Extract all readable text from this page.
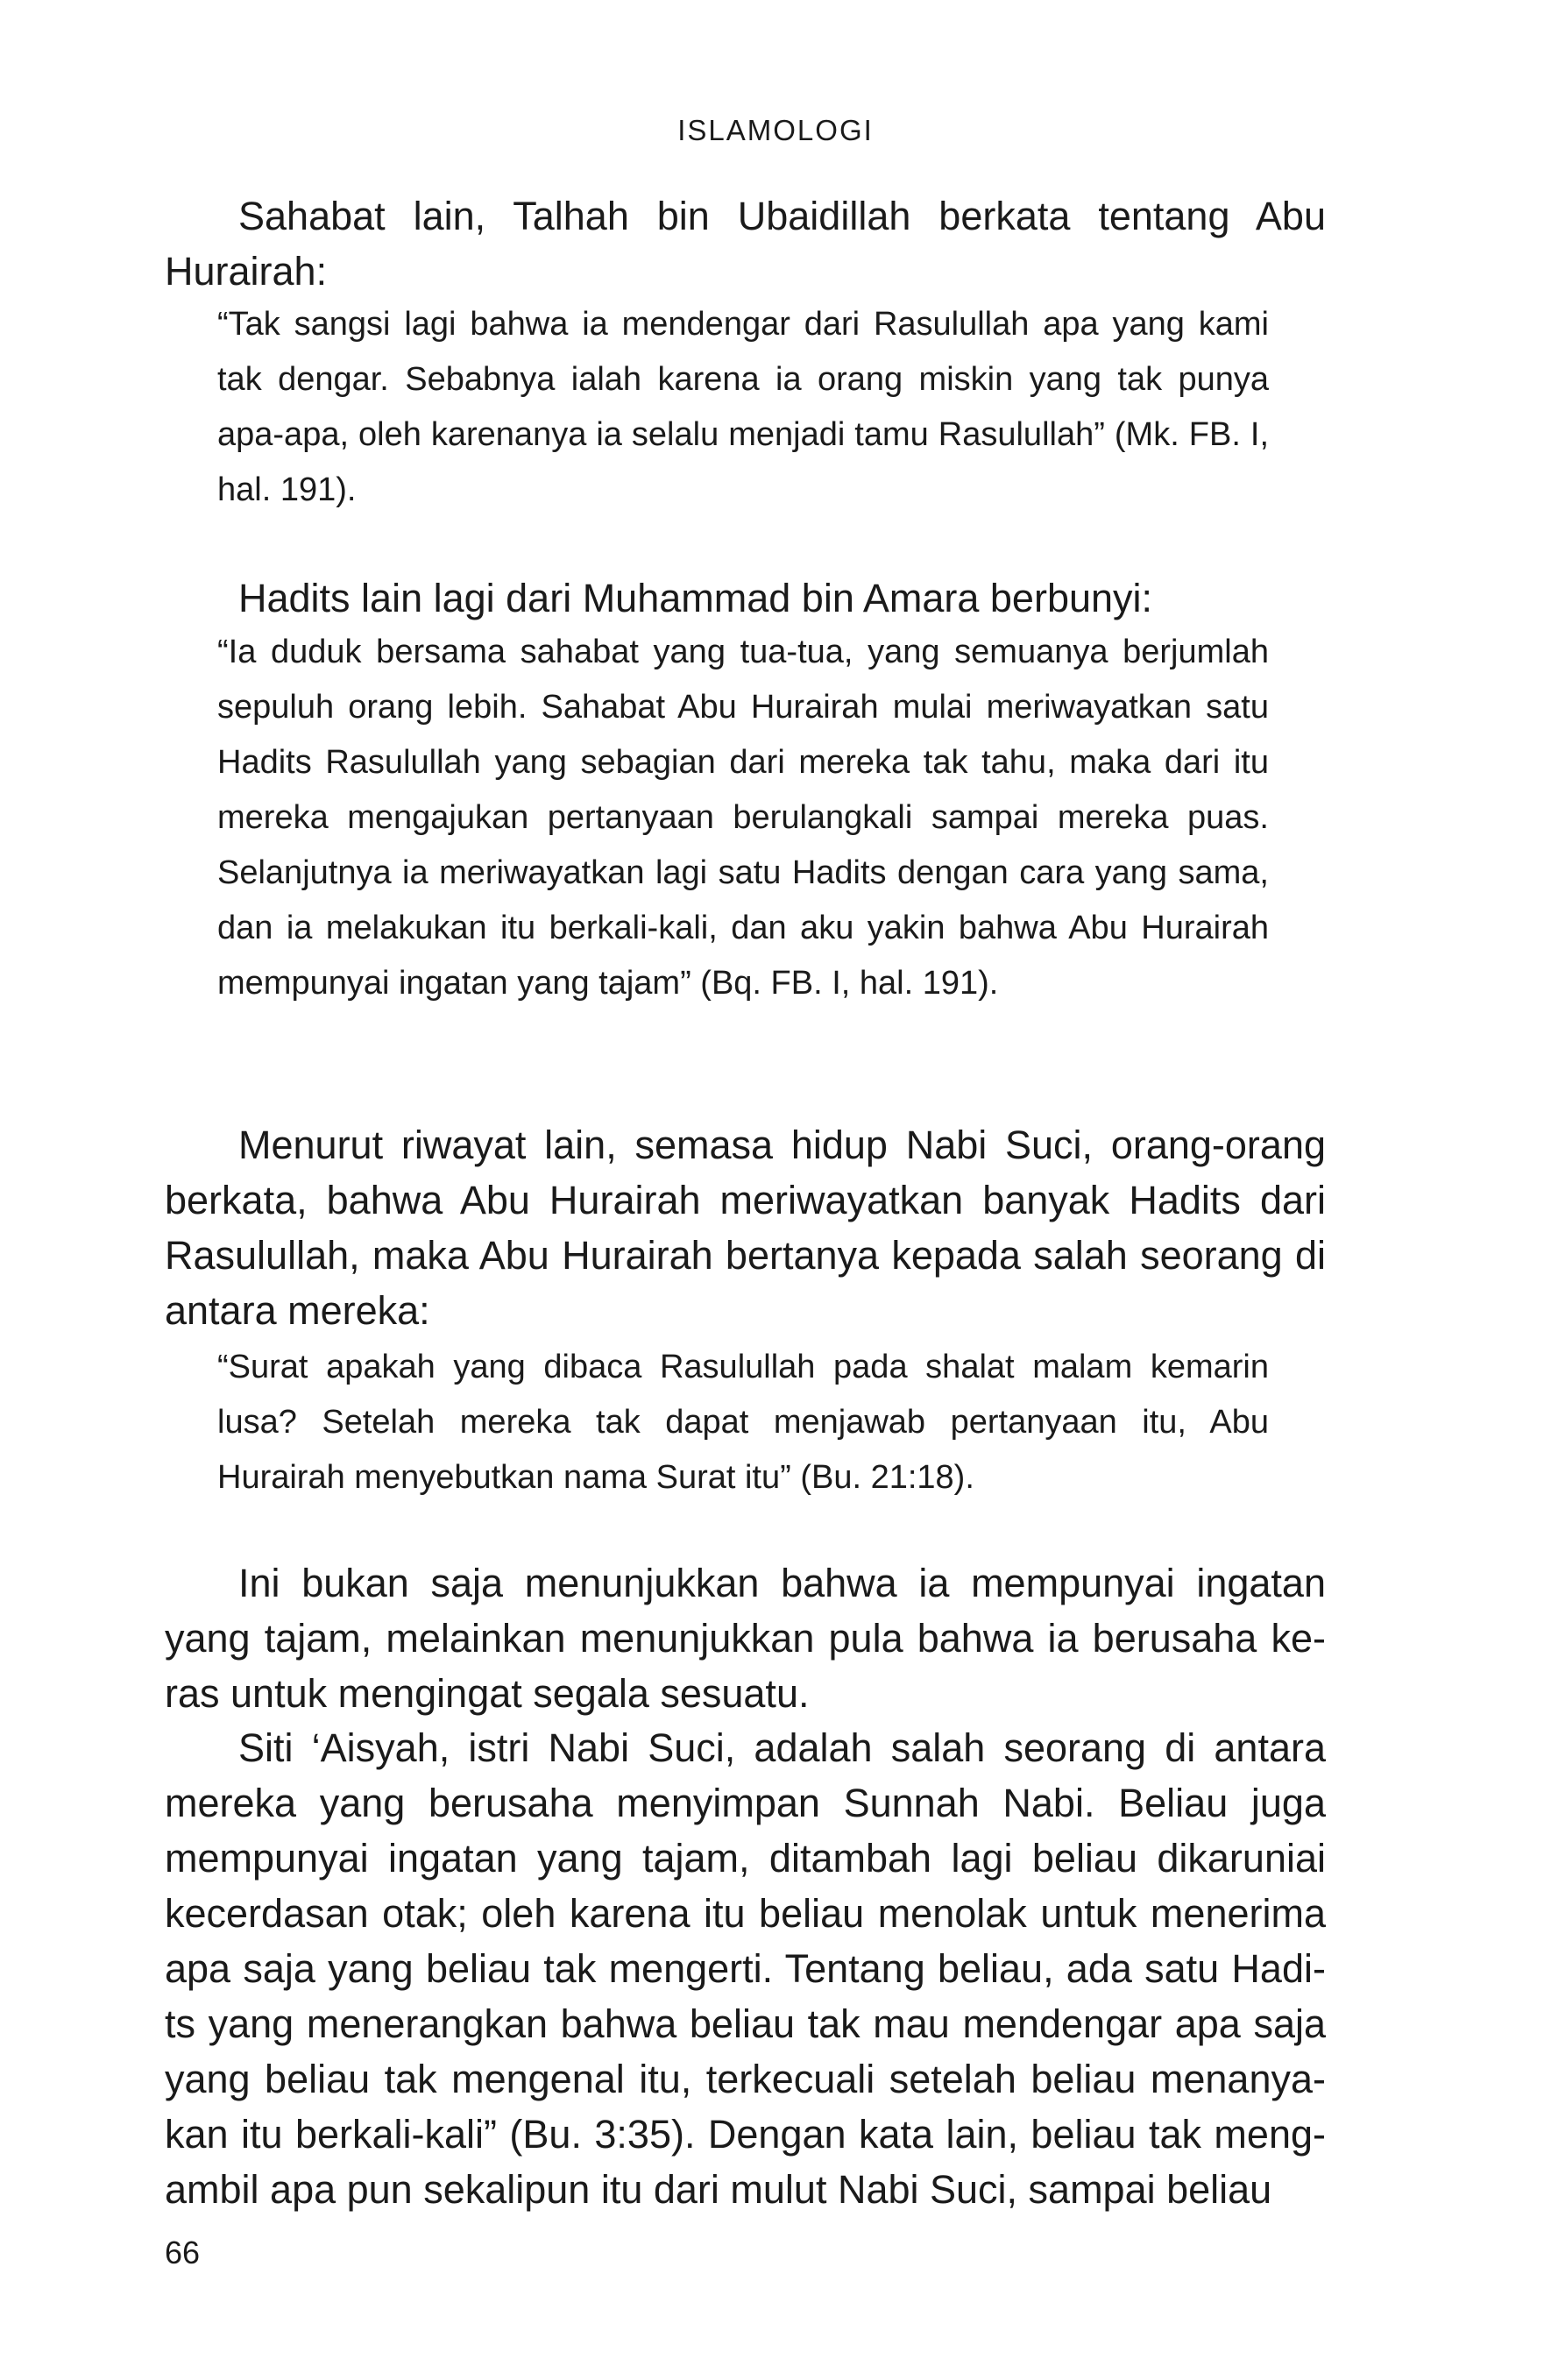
ISLAMOLOGI

Sahabat lain, Talhah bin Ubaidillah berkata tentang Abu Hurairah:

“Tak sangsi lagi bahwa ia mendengar dari Rasulullah apa yang kami tak dengar. Sebabnya ialah karena ia orang miskin yang tak punya apa-apa, oleh karenanya ia selalu menjadi tamu Rasulullah” (Mk. FB. I, hal. 191).

Hadits lain lagi dari Muhammad bin Amara berbunyi:

“Ia duduk bersama sahabat yang tua-tua, yang semuanya berjumlah sepuluh orang lebih. Sahabat Abu Hurairah mulai meriwayatkan satu Hadits Rasulullah yang sebagian dari mereka tak tahu, maka dari itu mereka mengajukan pertanyaan berulangkali sampai mereka puas. Selanjutnya ia meriwayatkan lagi satu Hadits dengan cara yang sama, dan ia melakukan itu berkali-kali, dan aku yakin bahwa Abu Hurairah mempunyai ingatan yang tajam” (Bq. FB. I, hal. 191).

Menurut riwayat lain, semasa hidup Nabi Suci, orang-orang berkata, bahwa Abu Hurairah meriwayatkan banyak Hadits dari Rasulullah, maka Abu Hurairah bertanya kepada salah seorang di antara mereka:

“Surat apakah yang dibaca Rasulullah pada shalat malam kemarin lusa? Setelah mereka tak dapat menjawab pertanyaan itu, Abu Hurairah menyebutkan nama Surat itu” (Bu. 21:18).

Ini bukan saja menunjukkan bahwa ia mempunyai ingatan yang tajam, melainkan menunjukkan pula bahwa ia berusaha keras untuk mengingat segala sesuatu.

Siti ‘Aisyah, istri Nabi Suci, adalah salah seorang di antara mereka yang berusaha menyimpan Sunnah Nabi. Beliau juga mempunyai ingatan yang tajam, ditambah lagi beliau dikaruniai kecerdasan otak; oleh karena itu beliau menolak untuk menerima apa saja yang beliau tak mengerti. Tentang beliau, ada satu Hadits yang menerangkan bahwa beliau tak mau mendengar apa saja yang beliau tak mengenal itu, terkecuali setelah beliau menanyakan itu berkali-kali” (Bu. 3:35). Dengan kata lain, beliau tak mengambil apa pun sekalipun itu dari mulut Nabi Suci, sampai beliau

66
